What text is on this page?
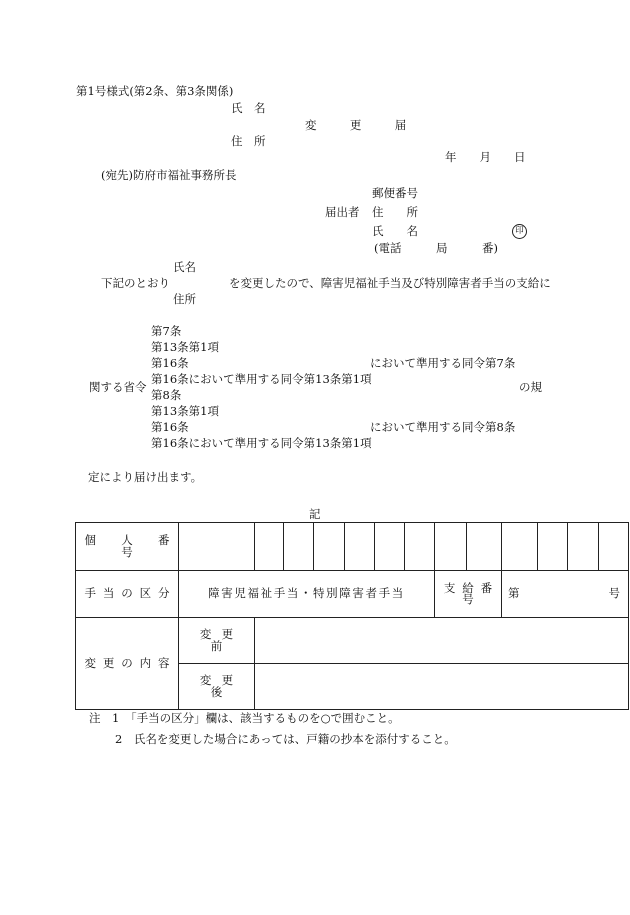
第1号様式(第2条、第3条関係)
氏　名
変　更　届
住　所
年　　月　　日
(宛先)防府市福祉事務所長
郵便番号
届出者 住　　所
氏　　名	印
(電話　　　局　　　番)
氏名
下記のとおり	を変更したので、障害児福祉手当及び特別障害者手当の支給に
住所
第7条
第13条第1項
第16条	において準用する同令第7条
第16条において準用する同令第13条第1項
関する省令	の規
第8条
第13条第1項
第16条	において準用する同令第8条
第16条において準用する同令第13条第1項
定により届け出ます。
記
個　人　番　号													
手当の区分	障害児福祉手当・特別障害者手当							支給番号		第 号			

変更の内容	変更前												
	変更後												
注　1　「手当の区分」欄は、該当するものを○で囲むこと。
2　氏名を変更した場合にあっては、戸籍の抄本を添付すること。
